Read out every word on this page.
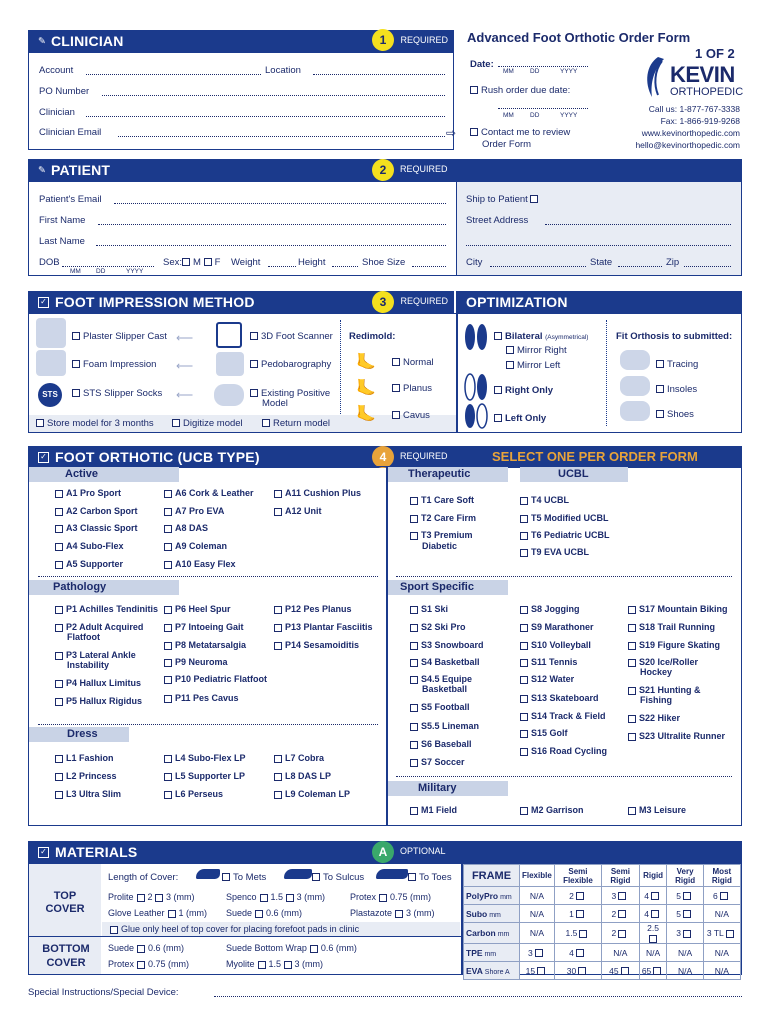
Advanced Foot Orthotic Order Form
1 OF 2
Date:
MM DD	YYYY
Rush order due date:
MM DD	YYYY
⇨	Contact me to review
Order Form
KEVIN
ORTHOPEDIC
Call us: 1-877-767-3338
Fax: 1-866-919-9268
www.kevinorthopedic.com
hello@kevinorthopedic.com
✎ CLINICIAN	REQUIRED
1
Account	Location
PO Number
Clinician
Clinician Email
✎ PATIENT	REQUIRED
2
Patient's Email
First Name
Last Name
DOB
MM DD	YYYY
Sex: M F Weight	Height	Shoe Size
Ship to Patient
Street Address
City	State	Zip
✓ FOOT IMPRESSION METHOD	REQUIRED
3	OPTIMIZATION
Plaster Slipper Cast
Foam Impression
STS	STS Slipper Socks
⟵
⟵
⟵
3D Foot Scanner
Pedobarography
Existing Positive
Model
Redimold:
🦶	Normal
🦶	Planus
🦶	Cavus
Store model for 3 months	Digitize model	Return model
Bilateral (Asymmetrical)
Mirror Right
Mirror Left
Right Only
Left Only
Fit Orthosis to submitted:
Tracing
Insoles
Shoes
✓ FOOT ORTHOTIC (UCB TYPE)	REQUIRED
4	SELECT ONE PER ORDER FORM
Active	Therapeutic	UCBL
Pathology	Sport Specific
Dress
Military
A1 Pro Sport
A2 Carbon Sport
A3 Classic Sport
A4 Subo-Flex
A5 Supporter
A6 Cork & Leather
A7 Pro EVA
A8 DAS
A9 Coleman
A10 Easy Flex
A11 Cushion Plus
A12 Unit
T1 Care Soft
T2 Care Firm
T3 Premium
Diabetic
T4 UCBL
T5 Modified UCBL
T6 Pediatric UCBL
T9 EVA UCBL
P1 Achilles Tendinitis
P2 Adult Acquired
Flatfoot
P3 Lateral Ankle
Instability
P4 Hallux Limitus
P5 Hallux Rigidus
P6 Heel Spur
P7 Intoeing Gait
P8 Metatarsalgia
P9 Neuroma
P10 Pediatric Flatfoot
P11 Pes Cavus
P12 Pes Planus
P13 Plantar Fasciitis
P14 Sesamoiditis
S1 Ski
S2 Ski Pro
S3 Snowboard
S4 Basketball
S4.5 Equipe
Basketball
S5 Football
S5.5 Lineman
S6 Baseball
S7 Soccer
S8 Jogging
S9 Marathoner
S10 Volleyball
S11 Tennis
S12 Water
S13 Skateboard
S14 Track & Field
S15 Golf
S16 Road Cycling
S17 Mountain Biking
S18 Trail Running
S19 Figure Skating
S20 Ice/Roller
Hockey
S21 Hunting &
Fishing
S22 Hiker
S23 Ultralite Runner
L1 Fashion
L2 Princess
L3 Ultra Slim
L4 Subo-Flex LP
L5 Supporter LP
L6 Perseus
L7 Cobra
L8 DAS LP
L9 Coleman LP
M1 Field	M2 Garrison	M3 Leisure
✓ MATERIALS	OPTIONAL
A
TOP
COVER
BOTTOM
COVER
Length of Cover:	To Mets	To Sulcus	To Toes
Prolite 2 3 (mm)	Spenco 1.5 3 (mm)	Protex 0.75 (mm)
Glove Leather 1 (mm) Suede 0.6 (mm)	Plastazote 3 (mm)
Glue only heel of top cover for placing forefoot pads in clinic
Suede 0.6 (mm)	Suede Bottom Wrap 0.6 (mm)
Protex 0.75 (mm)	Myolite 1.5 3 (mm)
FRAME	Flexible	Semi Flexible	Semi Rigid	Rigid	Very Rigid	Most Rigid
PolyPro mm	N/A	2	3	4	5	6
Subo mm	N/A	1	2	4	5	N/A
Carbon mm	N/A	1.5	2	2.5	3	3 TL
TPE mm	3	4	N/A	N/A	N/A	N/A
EVA Shore A	15	30	45	65	N/A	N/A
Special Instructions/Special Device:
